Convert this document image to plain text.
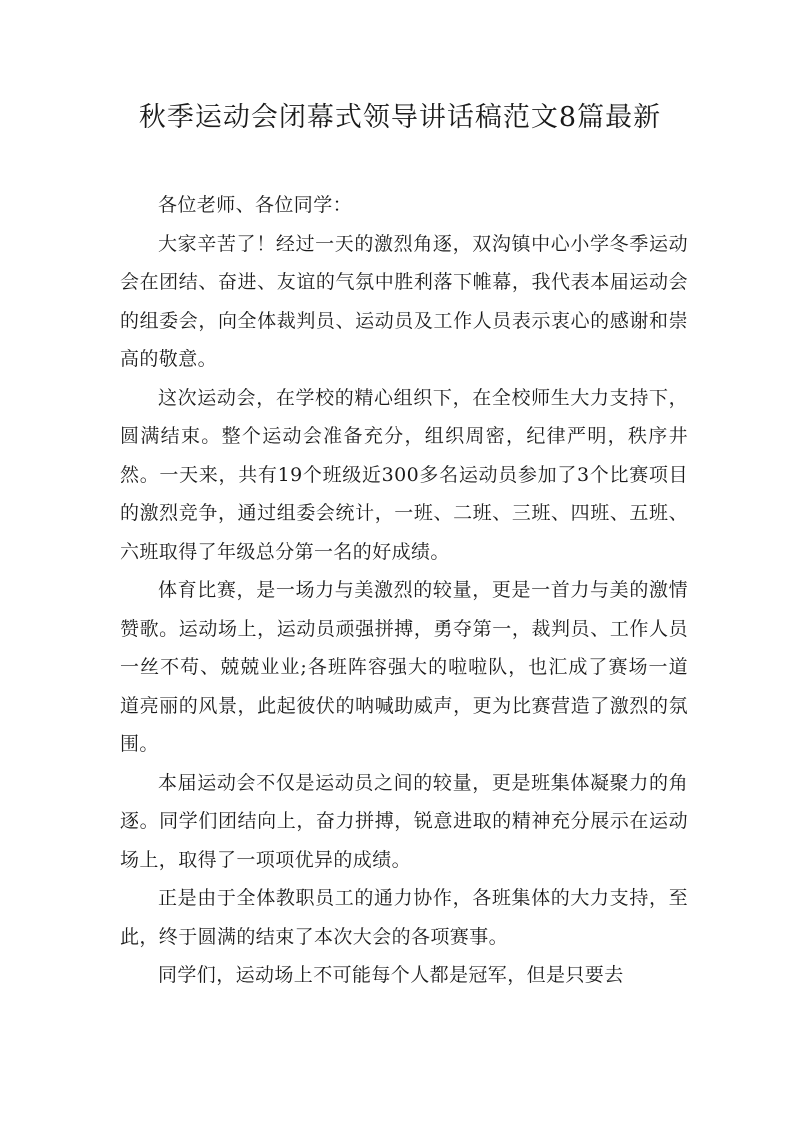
秋季运动会闭幕式领导讲话稿范文8篇最新

各位老师、各位同学：

大家辛苦了！经过一天的激烈角逐，双沟镇中心小学冬季运动会在团结、奋进、友谊的气氛中胜利落下帷幕，我代表本届运动会的组委会，向全体裁判员、运动员及工作人员表示衷心的感谢和崇高的敬意。

这次运动会，在学校的精心组织下，在全校师生大力支持下，圆满结束。整个运动会准备充分，组织周密，纪律严明，秩序井然。一天来，共有19个班级近300多名运动员参加了3个比赛项目的激烈竞争，通过组委会统计，一班、二班、三班、四班、五班、六班取得了年级总分第一名的好成绩。

体育比赛，是一场力与美激烈的较量，更是一首力与美的激情赞歌。运动场上，运动员顽强拼搏，勇夺第一，裁判员、工作人员一丝不苟、兢兢业业;各班阵容强大的啦啦队，也汇成了赛场一道道亮丽的风景，此起彼伏的呐喊助威声，更为比赛营造了激烈的氛围。

本届运动会不仅是运动员之间的较量，更是班集体凝聚力的角逐。同学们团结向上，奋力拼搏，锐意进取的精神充分展示在运动场上，取得了一项项优异的成绩。

正是由于全体教职员工的通力协作，各班集体的大力支持，至此，终于圆满的结束了本次大会的各项赛事。

同学们，运动场上不可能每个人都是冠军，但是只要去
